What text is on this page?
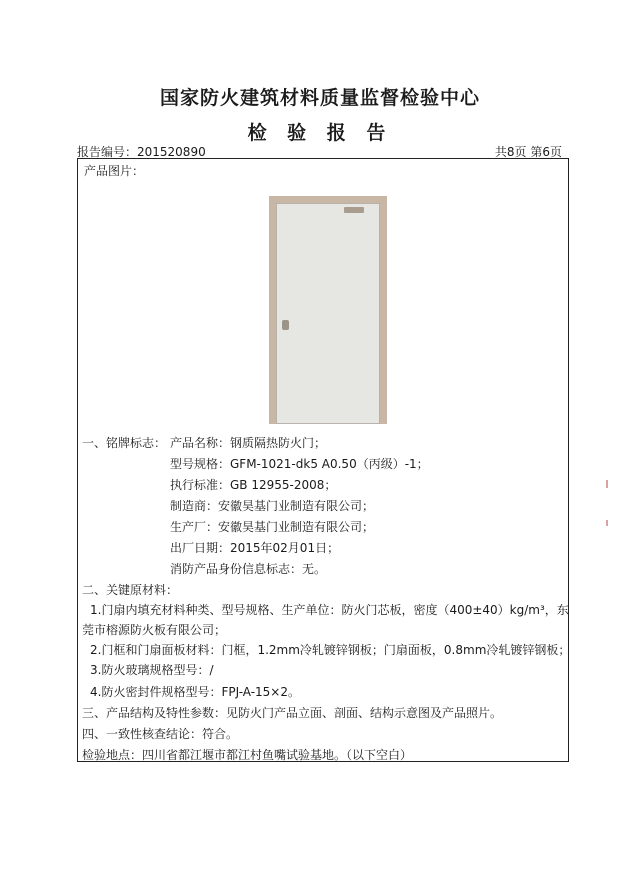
国家防火建筑材料质量监督检验中心
检 验 报 告
报告编号：201520890	共8页 第6页
产品图片：
一、铭牌标志： 产品名称：钢质隔热防火门；
型号规格：GFM-1021-dk5 A0.50（丙级）-1；
执行标准：GB 12955-2008；
制造商：安徽昊基门业制造有限公司；
生产厂：安徽昊基门业制造有限公司；
出厂日期：2015年02月01日；
消防产品身份信息标志：无。
二、关键原材料：
1.门扇内填充材料种类、型号规格、生产单位：防火门芯板，密度（400±40）kg/m³，东
莞市榕源防火板有限公司；
2.门框和门扇面板材料：门框，1.2mm冷轧镀锌钢板；门扇面板，0.8mm冷轧镀锌钢板；
3.防火玻璃规格型号：/
4.防火密封件规格型号：FPJ-A-15×2。
三、产品结构及特性参数：见防火门产品立面、剖面、结构示意图及产品照片。
四、一致性核查结论：符合。
检验地点：四川省都江堰市都江村鱼嘴试验基地。（以下空白）
